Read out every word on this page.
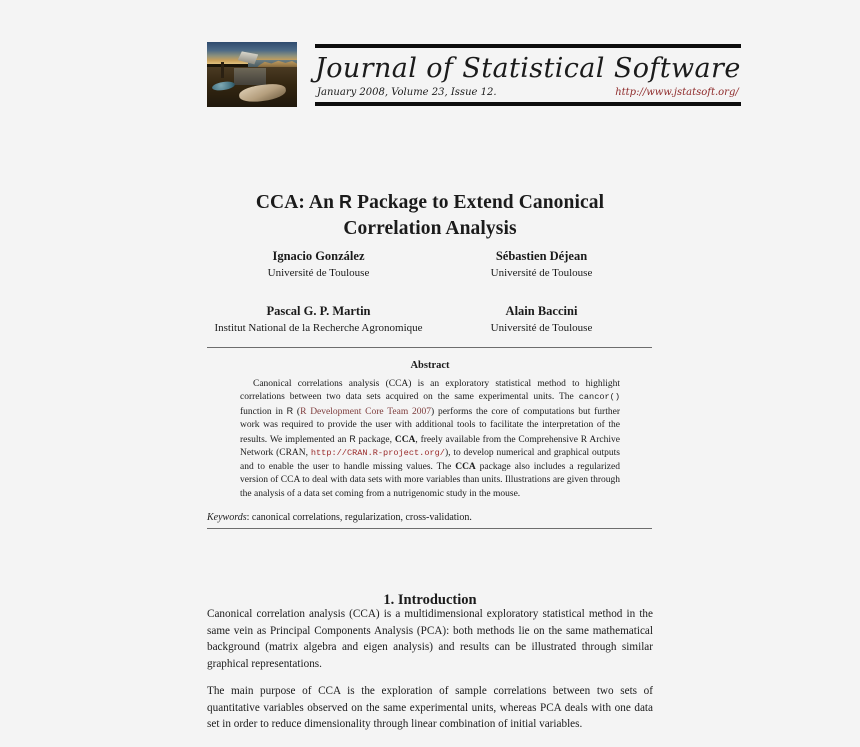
Journal of Statistical Software
January 2008, Volume 23, Issue 12.	http://www.jstatsoft.org/
CCA: An R Package to Extend Canonical
Correlation Analysis
Ignacio González
Université de Toulouse
Sébastien Déjean
Université de Toulouse
Pascal G. P. Martin
Institut National de la Recherche Agronomique
Alain Baccini
Université de Toulouse
Abstract
Canonical correlations analysis (CCA) is an exploratory statistical method to highlight correlations between two data sets acquired on the same experimental units. The cancor() function in R (R Development Core Team 2007) performs the core of computations but further work was required to provide the user with additional tools to facilitate the interpretation of the results. We implemented an R package, CCA, freely available from the Comprehensive R Archive Network (CRAN, http://CRAN.R-project.org/), to develop numerical and graphical outputs and to enable the user to handle missing values. The CCA package also includes a regularized version of CCA to deal with data sets with more variables than units. Illustrations are given through the analysis of a data set coming from a nutrigenomic study in the mouse.
Keywords: canonical correlations, regularization, cross-validation.
1. Introduction

Canonical correlation analysis (CCA) is a multidimensional exploratory statistical method in the same vein as Principal Components Analysis (PCA): both methods lie on the same mathematical background (matrix algebra and eigen analysis) and results can be illustrated through similar graphical representations.

The main purpose of CCA is the exploration of sample correlations between two sets of quantitative variables observed on the same experimental units, whereas PCA deals with one data set in order to reduce dimensionality through linear combination of initial variables.
